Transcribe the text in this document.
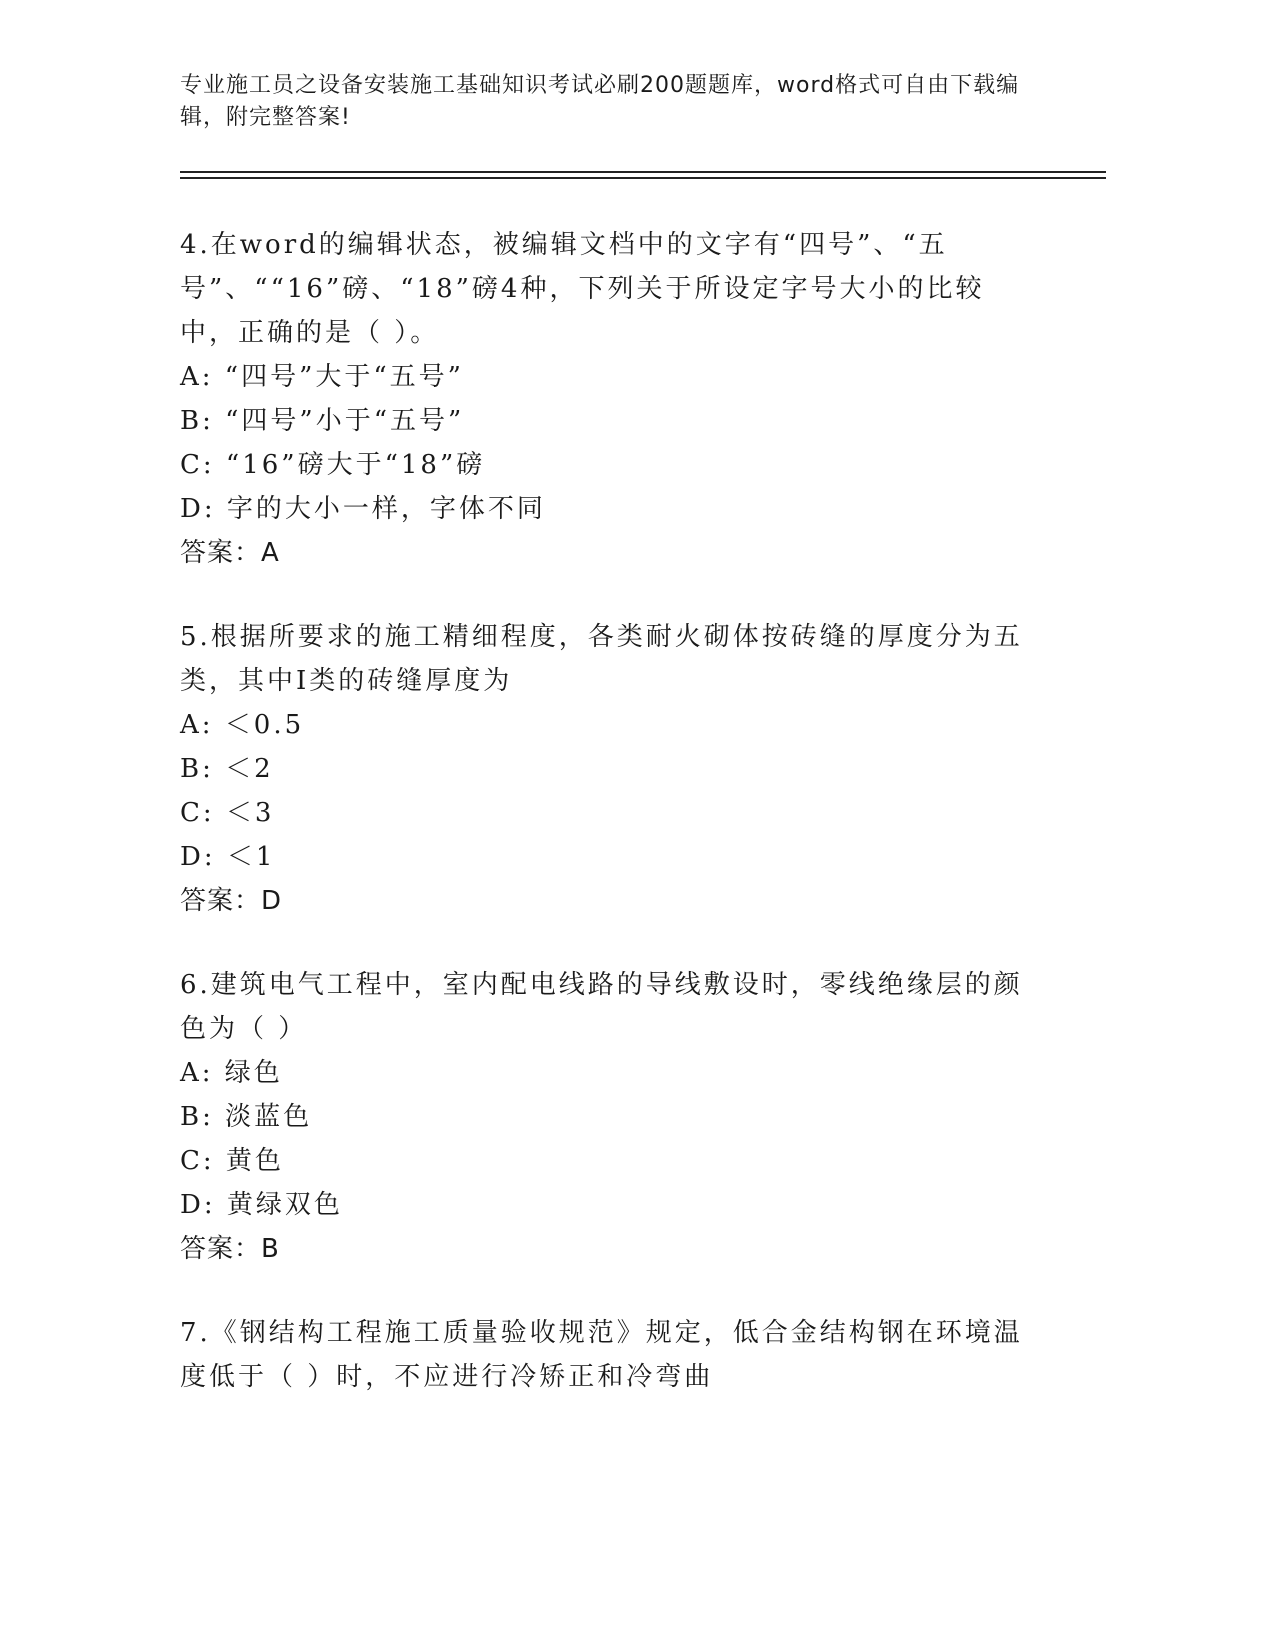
专业施工员之设备安装施工基础知识考试必刷200题题库，word格式可自由下载编辑，附完整答案!

4.在word的编辑状态，被编辑文档中的文字有“四号”、“五号”、““16”磅、“18”磅4种，下列关于所设定字号大小的比较中，正确的是（ ）。

A: “四号”大于“五号”

B: “四号”小于“五号”

C: “16”磅大于“18”磅

D: 字的大小一样，字体不同

答案：A

5.根据所要求的施工精细程度，各类耐火砌体按砖缝的厚度分为五类，其中I类的砖缝厚度为

A: ＜0.5

B: ＜2

C: ＜3

D: ＜1

答案：D

6.建筑电气工程中，室内配电线路的导线敷设时，零线绝缘层的颜色为（ ）

A: 绿色

B: 淡蓝色

C: 黄色

D: 黄绿双色

答案：B

7.《钢结构工程施工质量验收规范》规定，低合金结构钢在环境温度低于（ ）时，不应进行冷矫正和冷弯曲
